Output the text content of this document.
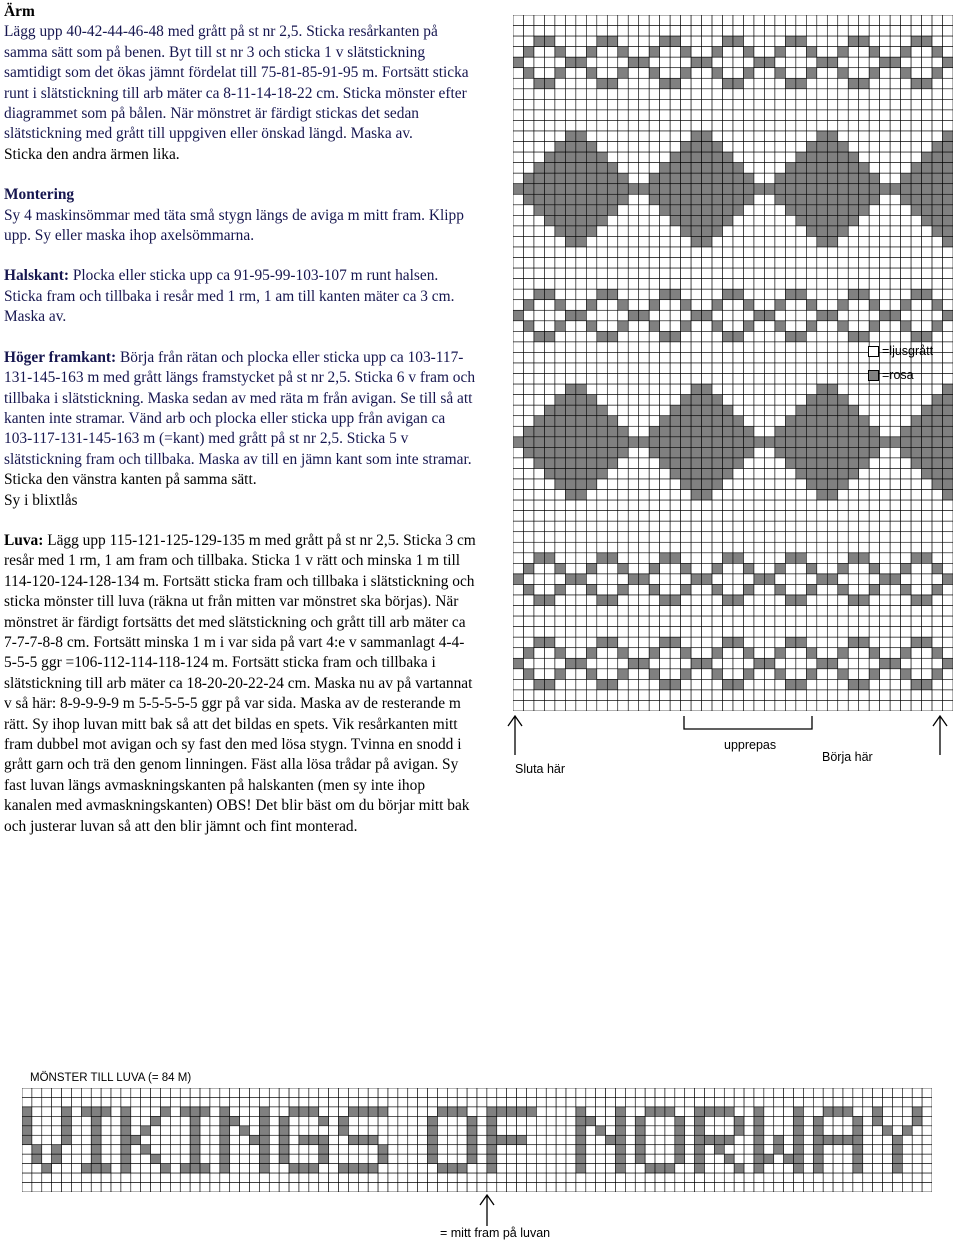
Ärm

Lägg upp 40-42-44-46-48 med grått på st nr 2,5. Sticka resårkanten på samma sätt som på benen. Byt till st nr 3 och sticka 1 v slätstickning samtidigt som det ökas jämnt fördelat till 75-81-85-91-95 m. Fortsätt sticka runt i slätstickning till arb mäter ca 8-11-14-18-22 cm. Sticka mönster efter diagrammet som på bålen. När mönstret är färdigt stickas det sedan slätstickning med grått till uppgiven eller önskad längd. Maska av.

Sticka den andra ärmen lika.

Montering

Sy 4 maskinsömmar med täta små stygn längs de aviga m mitt fram. Klipp upp. Sy eller maska ihop axelsömmarna.

Halskant: Plocka eller sticka upp ca 91-95-99-103-107 m runt halsen. Sticka fram och tillbaka i resår med 1 rm, 1 am till kanten mäter ca 3 cm. Maska av.

Höger framkant: Börja från rätan och plocka eller sticka upp ca 103-117-131-145-163 m med grått längs framstycket på st nr 2,5. Sticka 6 v fram och tillbaka i slätstickning. Maska sedan av med räta m från avigan. Se till så att kanten inte stramar. Vänd arb och plocka eller sticka upp från avigan ca 103-117-131-145-163 m (=kant) med grått på st nr 2,5. Sticka 5 v slätstickning fram och tillbaka. Maska av till en jämn kant som inte stramar.

Sticka den vänstra kanten på samma sätt.

Sy i blixtlås

Luva: Lägg upp 115-121-125-129-135 m med grått på st nr 2,5. Sticka 3 cm resår med 1 rm, 1 am fram och tillbaka. Sticka 1 v rätt och minska 1 m till 114-120-124-128-134 m. Fortsätt sticka fram och tillbaka i slätstickning och sticka mönster till luva (räkna ut från mitten var mönstret ska börjas). När mönstret är färdigt fortsätts det med slätstickning och grått till arb mäter ca 7-7-7-8-8 cm. Fortsätt minska 1 m i var sida på vart 4:e v sammanlagt 4-4-5-5-5 ggr =106-112-114-118-124 m. Fortsätt sticka fram och tillbaka i slätstickning till arb mäter ca 18-20-20-22-24 cm. Maska nu av på vartannat v så här: 8-9-9-9-9 m 5-5-5-5-5 ggr på var sida. Maska av de resterande m rätt. Sy ihop luvan mitt bak så att det bildas en spets. Vik resårkanten mitt fram dubbel mot avigan och sy fast den med lösa stygn. Tvinna en snodd i grått garn och trä den genom linningen. Fäst alla lösa trådar på avigan. Sy fast luvan längs avmaskningskanten på halskanten (men sy inte ihop kanalen med avmaskningskanten) OBS! Det blir bäst om du börjar mitt bak och justerar luvan så att den blir jämnt och fint monterad.

=ljusgrått
=rosa
Sluta här
upprepas
Börja här
MÖNSTER TILL LUVA (= 84 M)
= mitt fram på luvan
